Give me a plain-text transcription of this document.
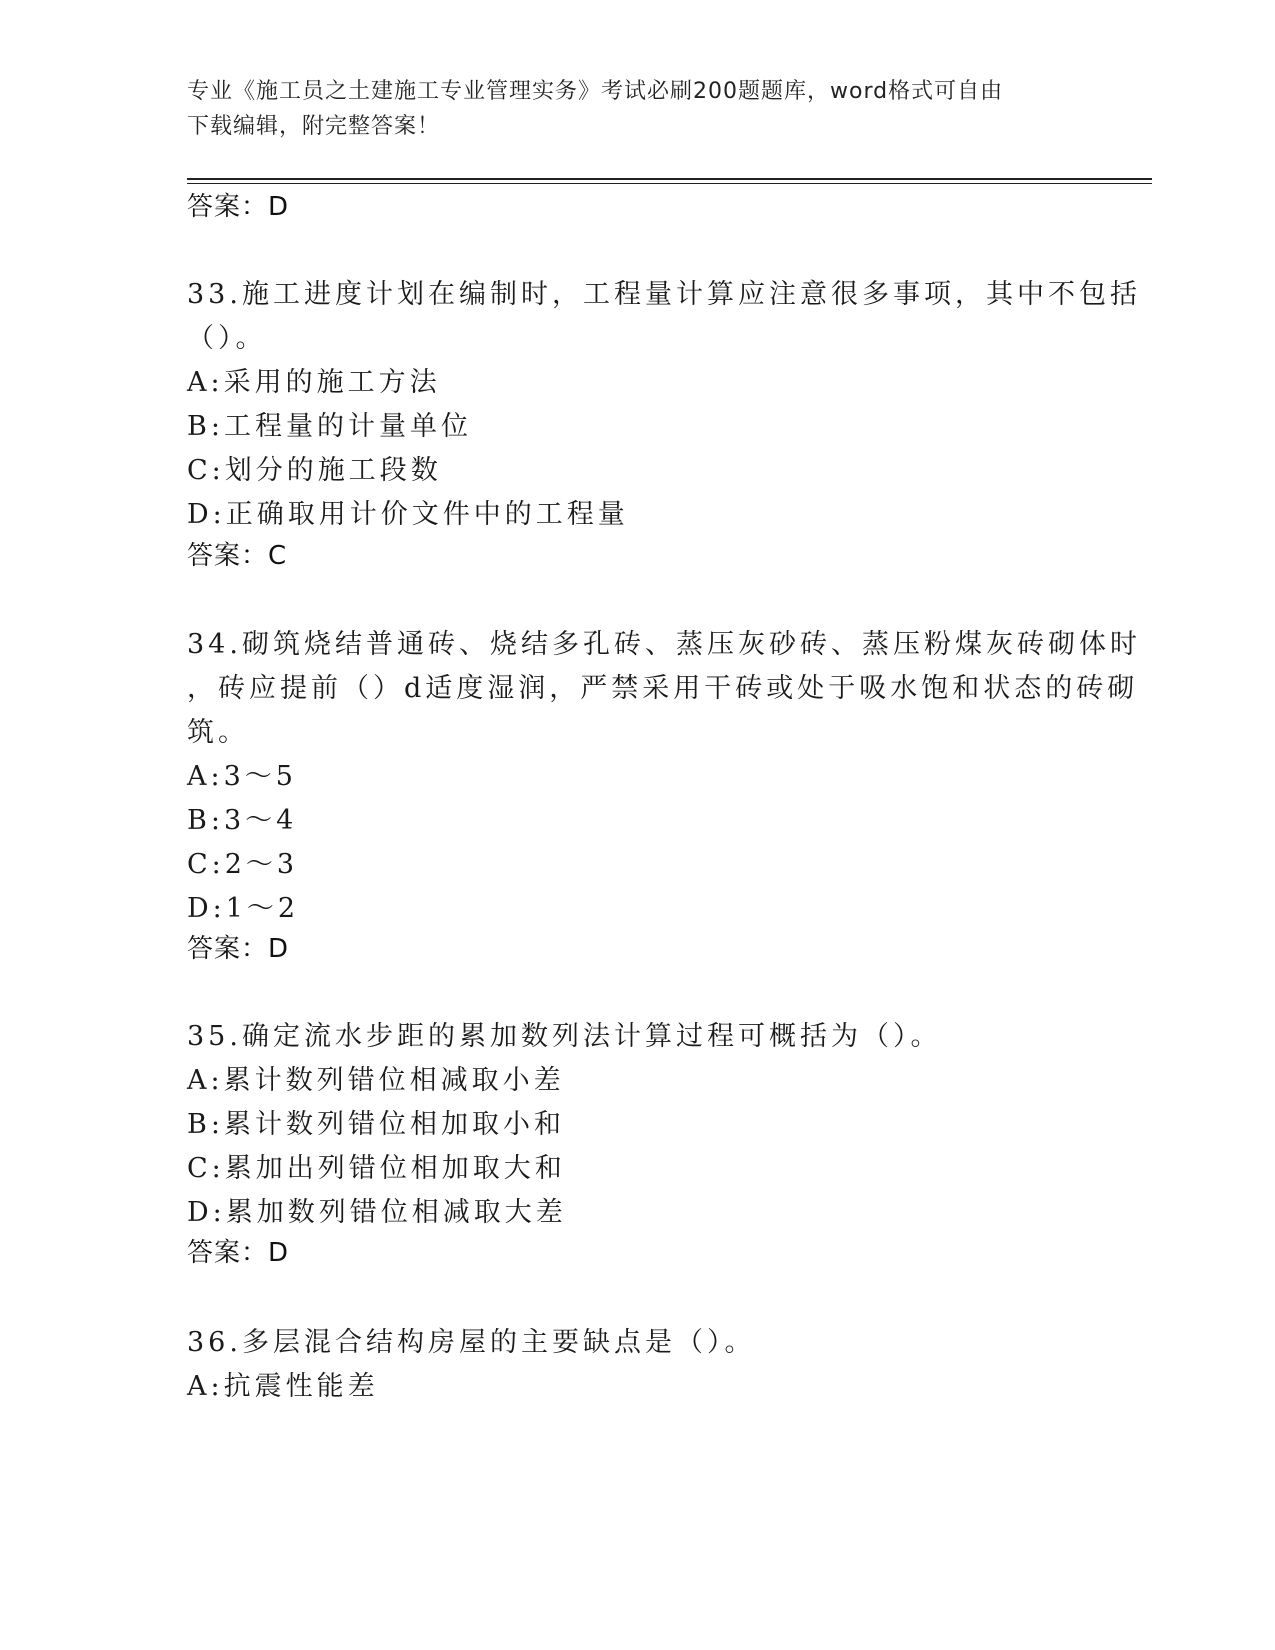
专业《施工员之土建施工专业管理实务》考试必刷200题题库，word格式可自由
下载编辑，附完整答案！
答案：D
33.施工进度计划在编制时，工程量计算应注意很多事项，其中不包括
（）。
A:采用的施工方法
B:工程量的计量单位
C:划分的施工段数
D:正确取用计价文件中的工程量
答案：C
34.砌筑烧结普通砖、烧结多孔砖、蒸压灰砂砖、蒸压粉煤灰砖砌体时
，砖应提前（）d适度湿润，严禁采用干砖或处于吸水饱和状态的砖砌
筑。
A:3～5
B:3～4
C:2～3
D:1～2
答案：D
35.确定流水步距的累加数列法计算过程可概括为（）。
A:累计数列错位相减取小差
B:累计数列错位相加取小和
C:累加出列错位相加取大和
D:累加数列错位相减取大差
答案：D
36.多层混合结构房屋的主要缺点是（）。
A:抗震性能差
